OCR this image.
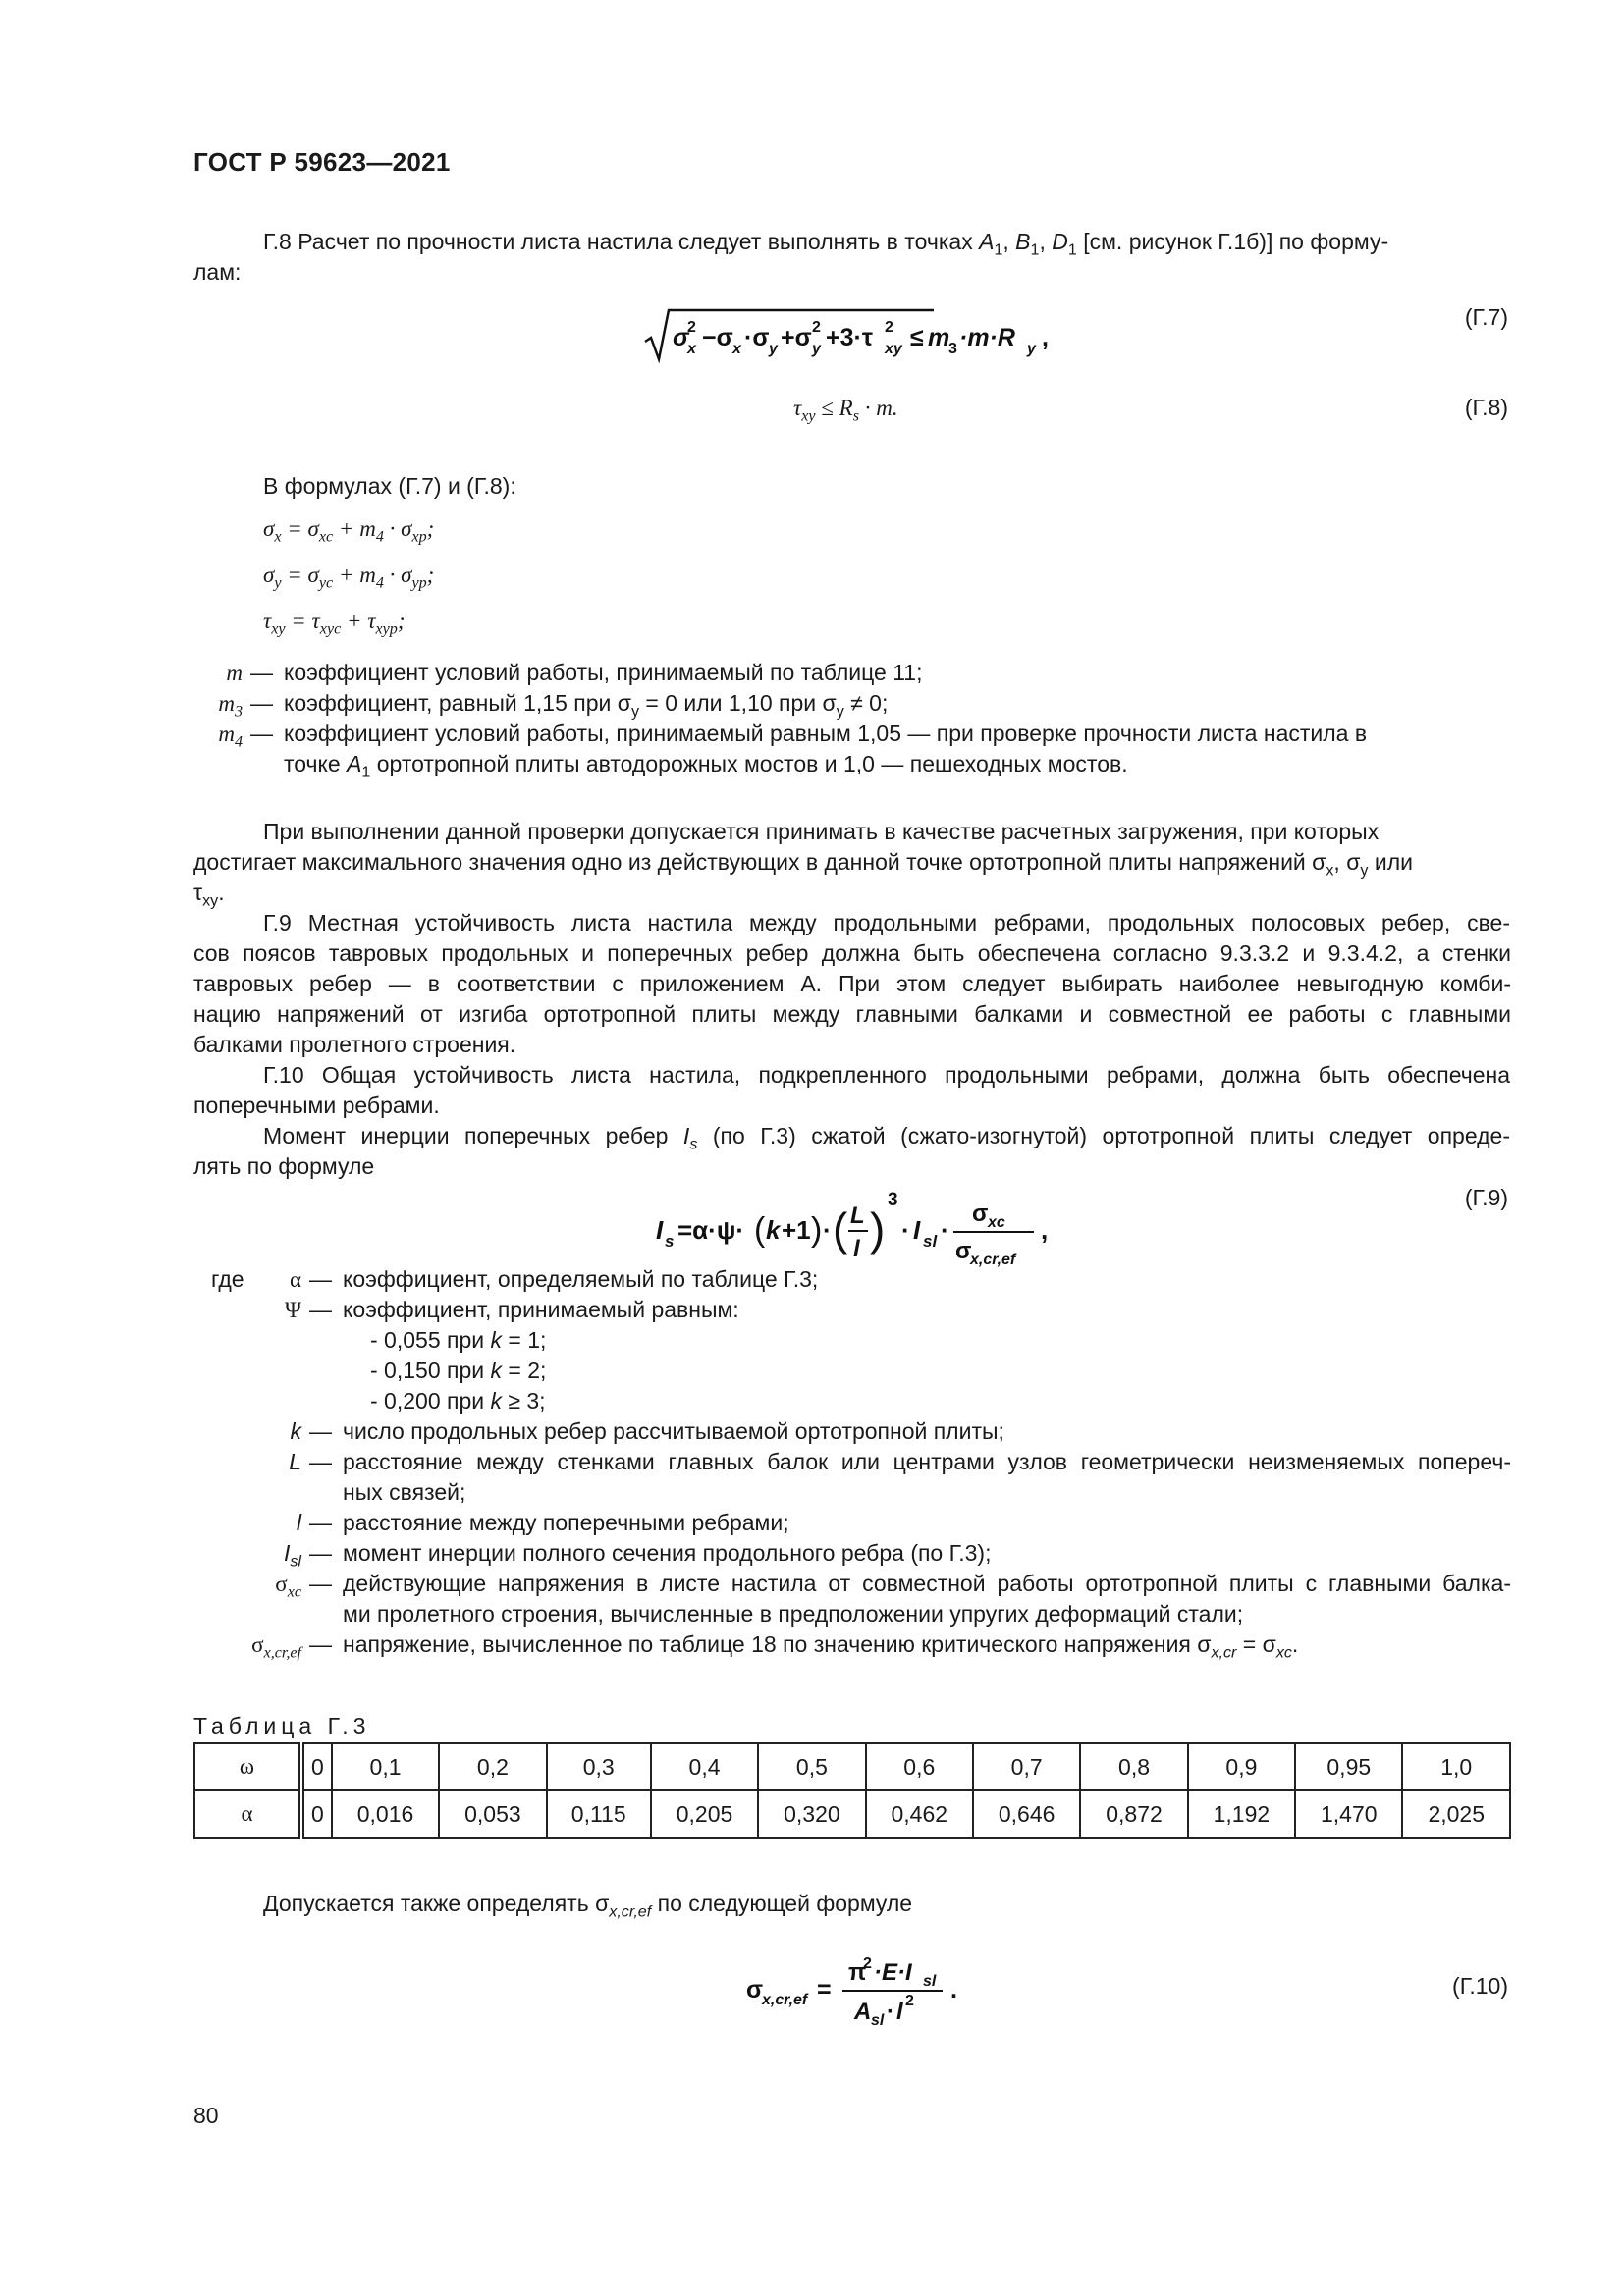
ГОСТ Р 59623—2021
Г.8 Расчет по прочности листа настила следует выполнять в точках $A_1$, $B_1$, $D_1$ [см. рисунок Г.1б)] по форму-
лам:
σ
2
x −σ x ·σ y +σ 2
y +3·τ 2
xy ≤ m
3 ·m·R y ,
(Г.7)
$\tau_{xy} \le R_s \cdot m$.	(Г.8)
В формулах (Г.7) и (Г.8):
$\sigma_x = \sigma_{xc} + m_4 \cdot \sigma_{xp}$;
$\sigma_y = \sigma_{yc} + m_4 \cdot \sigma_{yp}$;
$\tau_{xy} = \tau_{xyc} + \tau_{xyp}$;
m — коэффициент условий работы, принимаемый по таблице 11;
$m_3$ — коэффициент, равный 1,15 при $\sigma_y = 0$ или 1,10 при $\sigma_y \ne 0$;
$m_4$ — коэффициент условий работы, принимаемый равным 1,05 — при проверке прочности листа настила в
точке $A_1$ ортотропной плиты автодорожных мостов и 1,0 — пешеходных мостов.
При выполнении данной проверки допускается принимать в качестве расчетных загружения, при которых
достигает максимального значения одно из действующих в данной точке ортотропной плиты напряжений $\sigma_x$, $\sigma_y$ или
$\tau_{xy}$.
Г.9 Местная устойчивость листа настила между продольными ребрами, продольных полосовых ребер, све-
сов поясов тавровых продольных и поперечных ребер должна быть обеспечена согласно 9.3.3.2 и 9.3.4.2, а стенки
тавровых ребер — в соответствии с приложением А. При этом следует выбирать наиболее невыгодную комби-
нацию напряжений от изгиба ортотропной плиты между главными балками и совместной ее работы с главными
балками пролетного строения.
Г.10 Общая устойчивость листа настила, подкрепленного продольными ребрами, должна быть обеспечена
поперечными ребрами.
Момент инерции поперечных ребер $I_s$ (по Г.3) сжатой (сжато-изогнутой) ортотропной плиты следует опреде-
лять по формуле
I s =α·ψ· ( k +1 ) · ( L
l )
3
· I sl ·
σ xc
σ
x,cr,ef
,
(Г.9)
где	α — коэффициент, определяемый по таблице Г.3;
Ψ — коэффициент, принимаемый равным:
- 0,055 при k = 1;
- 0,150 при k = 2;
- 0,200 при k ≥ 3;
k — число продольных ребер рассчитываемой ортотропной плиты;
L — расстояние между стенками главных балок или центрами узлов геометрически неизменяемых попереч-
ных связей;
l — расстояние между поперечными ребрами;
$I_{sl}$ — момент инерции полного сечения продольного ребра (по Г.3);
$\sigma_{xc}$ — действующие напряжения в листе настила от совместной работы ортотропной плиты с главными балка-
ми пролетного строения, вычисленные в предположении упругих деформаций стали;
$\sigma_{x,cr,ef}$ — напряжение, вычисленное по таблице 18 по значению критического напряжения $\sigma_{x,cr} = \sigma_{xc}$.
Таблица Г.3
ω	0	0,1	0,2	0,3	0,4	0,5	0,6	0,7	0,8	0,9	0,95	1,0
α	0	0,016	0,053	0,115	0,205	0,320	0,462	0,646	0,872	1,192	1,470	2,025
Допускается также определять $\sigma_{x,cr,ef}$ по следующей формуле
σ
x,cr,ef =
π
2 ·E·I sl
A sl · l 2 .	(Г.10)
80
